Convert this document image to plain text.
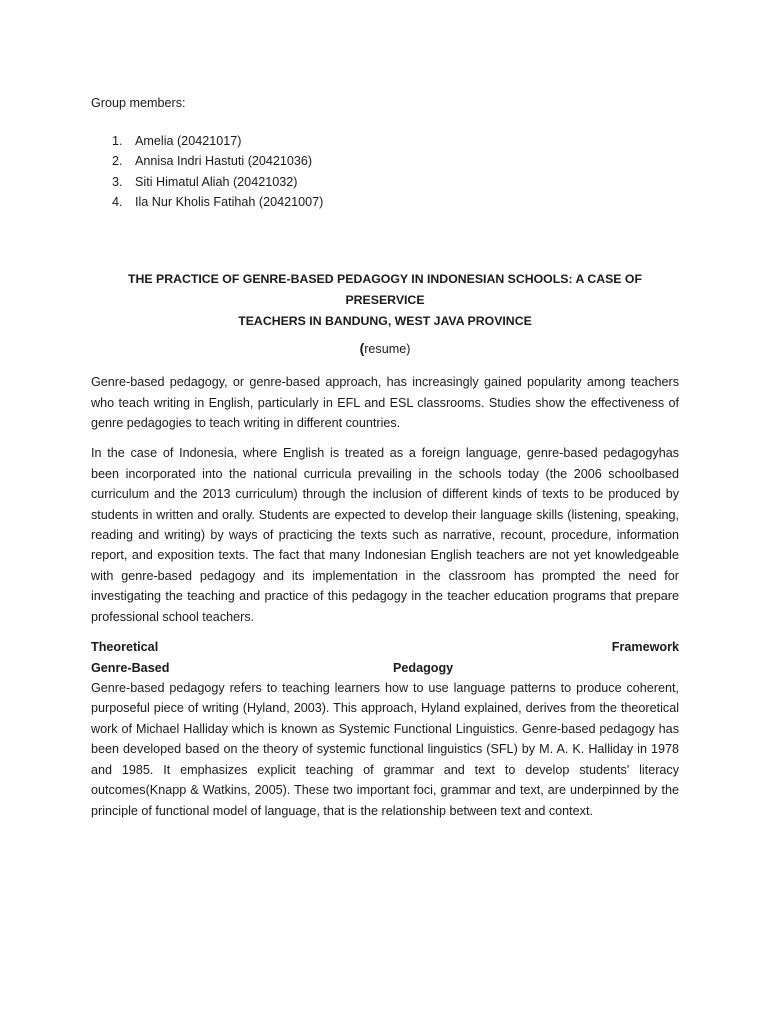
Group members:

1. Amelia (20421017)
2. Annisa Indri Hastuti (20421036)
3. Siti Himatul Aliah (20421032)
4. Ila Nur Kholis Fatihah (20421007)
THE PRACTICE OF GENRE-BASED PEDAGOGY IN INDONESIAN SCHOOLS: A CASE OF PRESERVICE
TEACHERS IN BANDUNG, WEST JAVA PROVINCE
(resume)

Genre-based pedagogy, or genre-based approach, has increasingly gained popularity among teachers who teach writing in English, particularly in EFL and ESL classrooms. Studies show the effectiveness of genre pedagogies to teach writing in different countries.

In the case of Indonesia, where English is treated as a foreign language, genre-based pedagogyhas been incorporated into the national curricula prevailing in the schools today (the 2006 schoolbased curriculum and the 2013 curriculum) through the inclusion of different kinds of texts to be produced by students in written and orally. Students are expected to develop their language skills (listening, speaking, reading and writing) by ways of practicing the texts such as narrative, recount, procedure, information report, and exposition texts. The fact that many Indonesian English teachers are not yet knowledgeable with genre-based pedagogy and its implementation in the classroom has prompted the need for investigating the teaching and practice of this pedagogy in the teacher education programs that prepare professional school teachers.

Theoretical	Framework
Genre-Based	Pedagogy

Genre-based pedagogy refers to teaching learners how to use language patterns to produce coherent, purposeful piece of writing (Hyland, 2003). This approach, Hyland explained, derives from the theoretical work of Michael Halliday which is known as Systemic Functional Linguistics. Genre-based pedagogy has been developed based on the theory of systemic functional linguistics (SFL) by M. A. K. Halliday in 1978 and 1985. It emphasizes explicit teaching of grammar and text to develop students' literacy outcomes(Knapp & Watkins, 2005). These two important foci, grammar and text, are underpinned by the principle of functional model of language, that is the relationship between text and context.
